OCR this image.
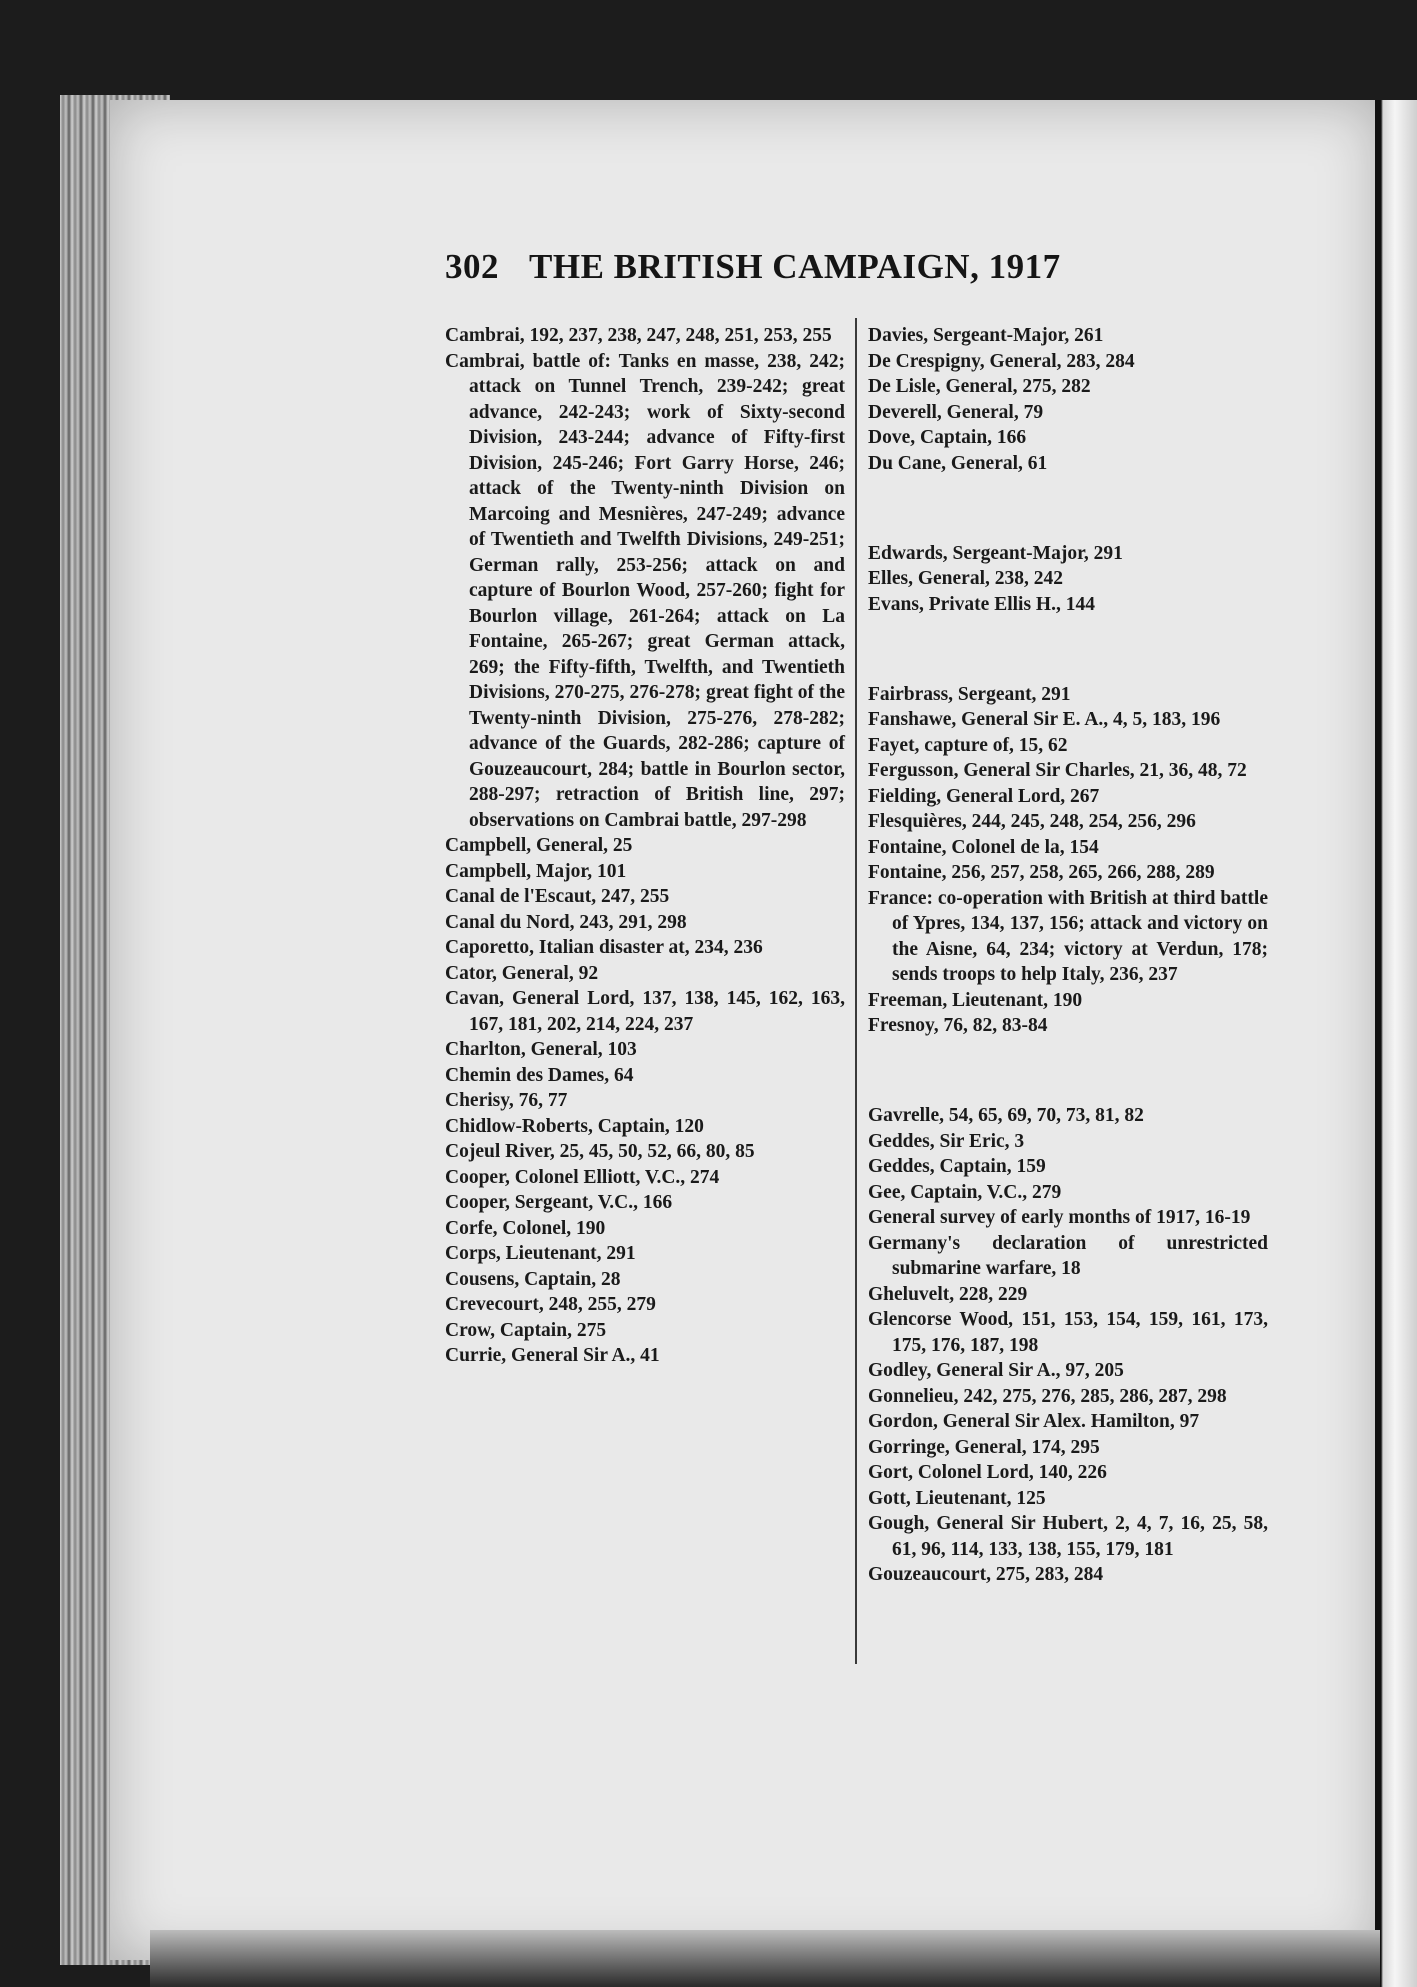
302 THE BRITISH CAMPAIGN, 1917

Cambrai, 192, 237, 238, 247, 248, 251, 253, 255

Cambrai, battle of: Tanks en masse, 238, 242; attack on Tunnel Trench, 239-242; great advance, 242-243; work of Sixty-second Division, 243-244; advance of Fifty-first Division, 245-246; Fort Garry Horse, 246; attack of the Twenty-ninth Division on Marcoing and Mesnières, 247-249; advance of Twentieth and Twelfth Divisions, 249-251; German rally, 253-256; attack on and capture of Bourlon Wood, 257-260; fight for Bourlon village, 261-264; attack on La Fontaine, 265-267; great German attack, 269; the Fifty-fifth, Twelfth, and Twentieth Divisions, 270-275, 276-278; great fight of the Twenty-ninth Division, 275-276, 278-282; advance of the Guards, 282-286; capture of Gouzeaucourt, 284; battle in Bourlon sector, 288-297; retraction of British line, 297; observations on Cambrai battle, 297-298

Campbell, General, 25

Campbell, Major, 101

Canal de l'Escaut, 247, 255

Canal du Nord, 243, 291, 298

Caporetto, Italian disaster at, 234, 236

Cator, General, 92

Cavan, General Lord, 137, 138, 145, 162, 163, 167, 181, 202, 214, 224, 237

Charlton, General, 103

Chemin des Dames, 64

Cherisy, 76, 77

Chidlow-Roberts, Captain, 120

Cojeul River, 25, 45, 50, 52, 66, 80, 85

Cooper, Colonel Elliott, V.C., 274

Cooper, Sergeant, V.C., 166

Corfe, Colonel, 190

Corps, Lieutenant, 291

Cousens, Captain, 28

Crevecourt, 248, 255, 279

Crow, Captain, 275

Currie, General Sir A., 41

Davies, Sergeant-Major, 261

De Crespigny, General, 283, 284

De Lisle, General, 275, 282

Deverell, General, 79

Dove, Captain, 166

Du Cane, General, 61

Edwards, Sergeant-Major, 291

Elles, General, 238, 242

Evans, Private Ellis H., 144

Fairbrass, Sergeant, 291

Fanshawe, General Sir E. A., 4, 5, 183, 196

Fayet, capture of, 15, 62

Fergusson, General Sir Charles, 21, 36, 48, 72

Fielding, General Lord, 267

Flesquières, 244, 245, 248, 254, 256, 296

Fontaine, Colonel de la, 154

Fontaine, 256, 257, 258, 265, 266, 288, 289

France: co-operation with British at third battle of Ypres, 134, 137, 156; attack and victory on the Aisne, 64, 234; victory at Verdun, 178; sends troops to help Italy, 236, 237

Freeman, Lieutenant, 190

Fresnoy, 76, 82, 83-84

Gavrelle, 54, 65, 69, 70, 73, 81, 82

Geddes, Sir Eric, 3

Geddes, Captain, 159

Gee, Captain, V.C., 279

General survey of early months of 1917, 16-19

Germany's declaration of unrestricted submarine warfare, 18

Gheluvelt, 228, 229

Glencorse Wood, 151, 153, 154, 159, 161, 173, 175, 176, 187, 198

Godley, General Sir A., 97, 205

Gonnelieu, 242, 275, 276, 285, 286, 287, 298

Gordon, General Sir Alex. Hamilton, 97

Gorringe, General, 174, 295

Gort, Colonel Lord, 140, 226

Gott, Lieutenant, 125

Gough, General Sir Hubert, 2, 4, 7, 16, 25, 58, 61, 96, 114, 133, 138, 155, 179, 181

Gouzeaucourt, 275, 283, 284
